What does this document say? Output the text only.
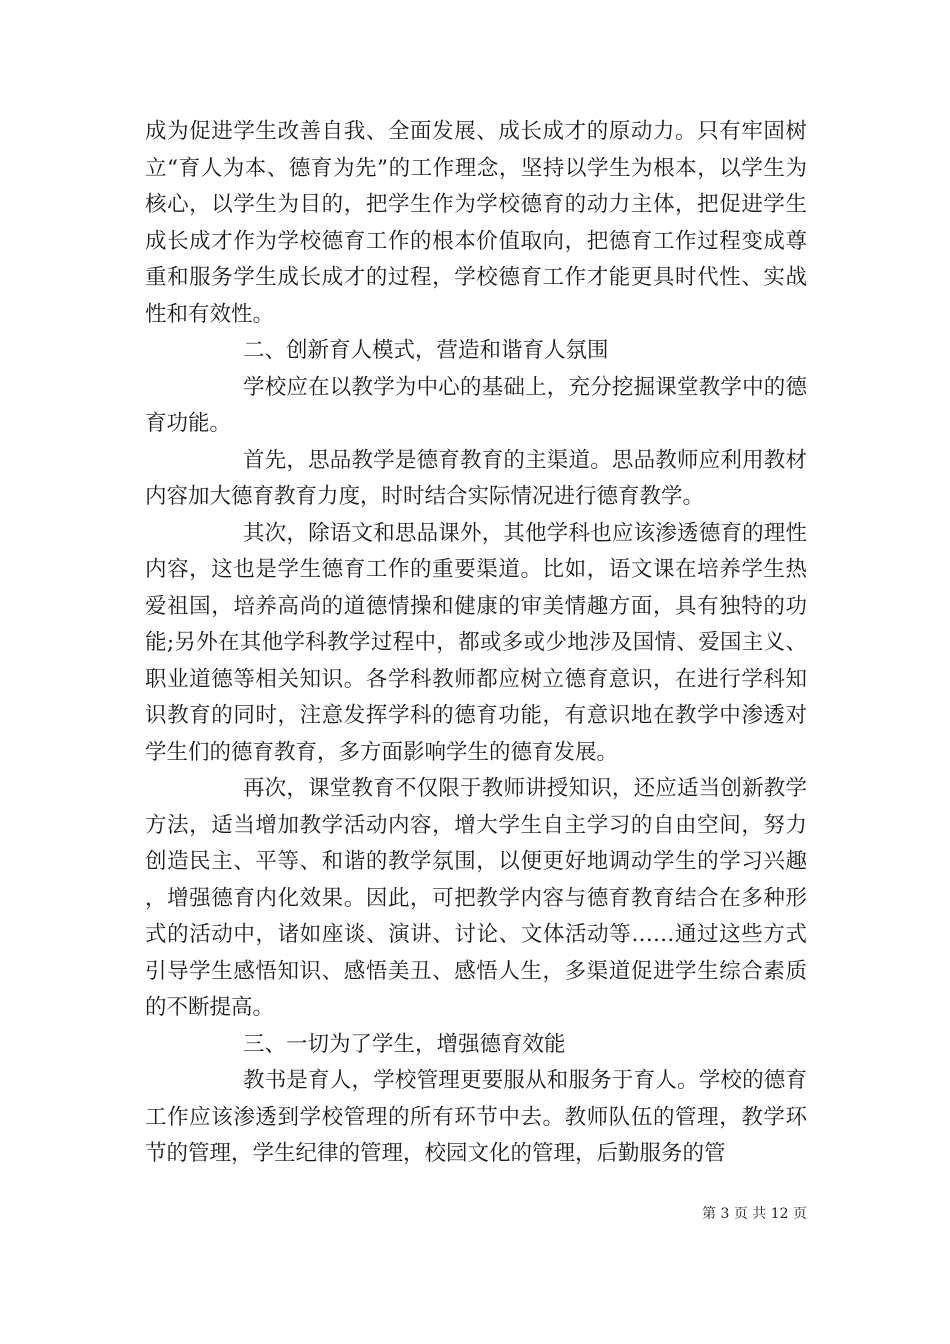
成为促进学生改善自我、全面发展、成长成才的原动力。只有牢固树立“育人为本、德育为先”的工作理念，坚持以学生为根本，以学生为核心，以学生为目的，把学生作为学校德育的动力主体，把促进学生成长成才作为学校德育工作的根本价值取向，把德育工作过程变成尊重和服务学生成长成才的过程，学校德育工作才能更具时代性、实战性和有效性。

二、创新育人模式，营造和谐育人氛围

学校应在以教学为中心的基础上，充分挖掘课堂教学中的德育功能。

首先，思品教学是德育教育的主渠道。思品教师应利用教材内容加大德育教育力度，时时结合实际情况进行德育教学。

其次，除语文和思品课外，其他学科也应该渗透德育的理性内容，这也是学生德育工作的重要渠道。比如，语文课在培养学生热爱祖国，培养高尚的道德情操和健康的审美情趣方面，具有独特的功能;另外在其他学科教学过程中，都或多或少地涉及国情、爱国主义、职业道德等相关知识。各学科教师都应树立德育意识，在进行学科知识教育的同时，注意发挥学科的德育功能，有意识地在教学中渗透对学生们的德育教育，多方面影响学生的德育发展。

再次，课堂教育不仅限于教师讲授知识，还应适当创新教学方法，适当增加教学活动内容，增大学生自主学习的自由空间，努力创造民主、平等、和谐的教学氛围，以便更好地调动学生的学习兴趣，增强德育内化效果。因此，可把教学内容与德育教育结合在多种形式的活动中，诸如座谈、演讲、讨论、文体活动等……通过这些方式引导学生感悟知识、感悟美丑、感悟人生，多渠道促进学生综合素质的不断提高。

三、一切为了学生，增强德育效能

教书是育人，学校管理更要服从和服务于育人。学校的德育工作应该渗透到学校管理的所有环节中去。教师队伍的管理，教学环节的管理，学生纪律的管理，校园文化的管理，后勤服务的管

第 3 页 共 12 页
